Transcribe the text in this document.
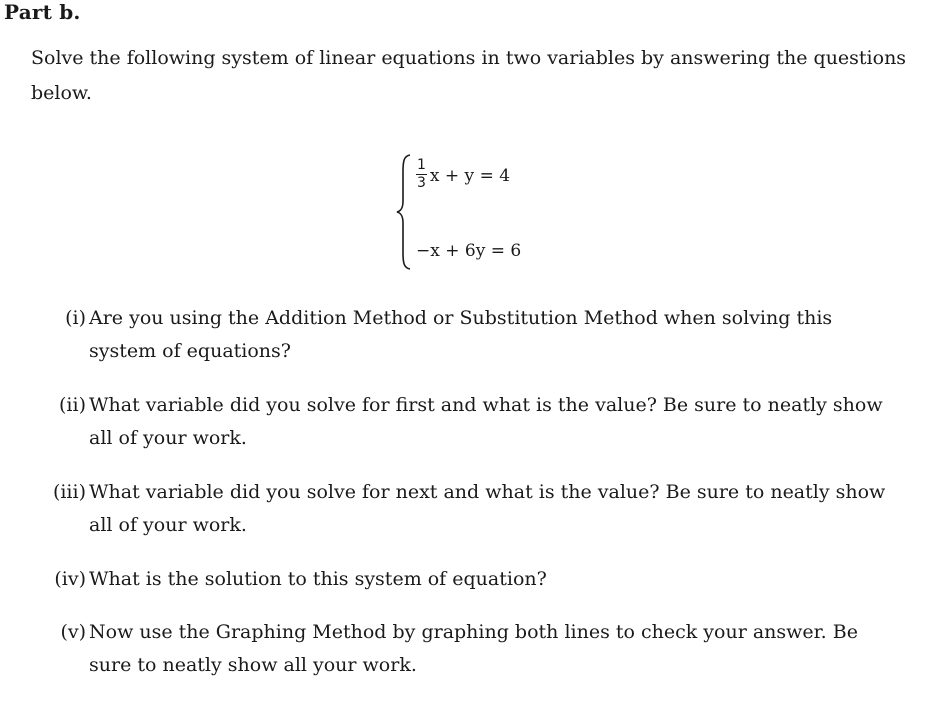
Part b.

Solve the following system of linear equations in two variables by answering the questions below.

$\frac{1}{3}$ x + y = 4
−x + 6y = 6
(i) Are you using the Addition Method or Substitution Method when solving this system of equations?
(ii) What variable did you solve for first and what is the value? Be sure to neatly show all of your work.
(iii) What variable did you solve for next and what is the value? Be sure to neatly show all of your work.
(iv) What is the solution to this system of equation?
(v) Now use the Graphing Method by graphing both lines to check your answer. Be sure to neatly show all your work.
